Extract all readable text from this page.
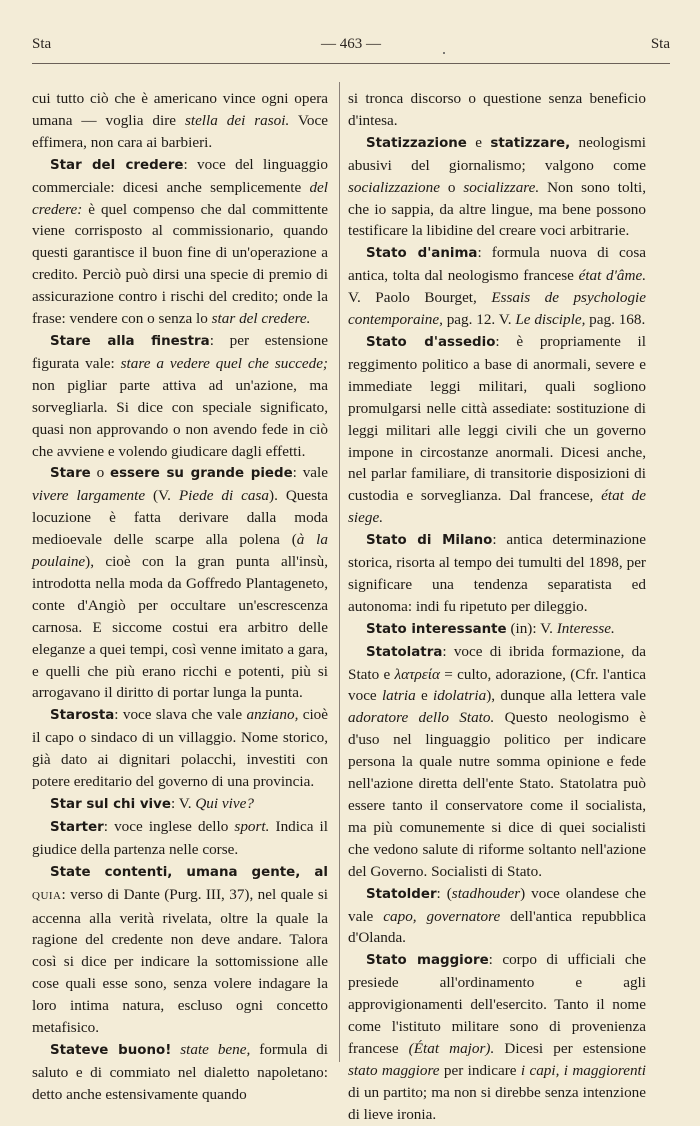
Sta	— 463 —	Sta

cui tutto ciò che è americano vince ogni opera umana — voglia dire stella dei rasoi. Voce effimera, non cara ai barbieri.

Star del credere: voce del linguaggio commerciale: dicesi anche semplicemente del credere: è quel compenso che dal committente viene corrisposto al commissionario, quando questi garantisce il buon fine di un'operazione a credito. Perciò può dirsi una specie di premio di assicurazione contro i rischi del credito; onde la frase: vendere con o senza lo star del credere.

Stare alla finestra: per estensione figurata vale: stare a vedere quel che succede; non pigliar parte attiva ad un'azione, ma sorvegliarla. Si dice con speciale significato, quasi non approvando o non avendo fede in ciò che avviene e volendo giudicare dagli effetti.

Stare o essere su grande piede: vale vivere largamente (V. Piede di casa). Questa locuzione è fatta derivare dalla moda medioevale delle scarpe alla polena (à la poulaine), cioè con la gran punta all'insù, introdotta nella moda da Goffredo Plantageneto, conte d'Angiò per occultare un'escrescenza carnosa. E siccome costui era arbitro delle eleganze a quei tempi, così venne imitato a gara, e quelli che più erano ricchi e potenti, più si arrogavano il diritto di portar lunga la punta.

Starosta: voce slava che vale anziano, cioè il capo o sindaco di un villaggio. Nome storico, già dato ai dignitari polacchi, investiti con potere ereditario del governo di una provincia.

Star sul chi vive: V. Qui vive?

Starter: voce inglese dello sport. Indica il giudice della partenza nelle corse.

State contenti, umana gente, al QUIA: verso di Dante (Purg. III, 37), nel quale si accenna alla verità rivelata, oltre la quale la ragione del credente non deve andare. Talora così si dice per indicare la sottomissione alle cose quali esse sono, senza volere indagare la loro intima natura, escluso ogni concetto metafisico.

Stateve buono! state bene, formula di saluto e di commiato nel dialetto napoletano: detto anche estensivamente quando

si tronca discorso o questione senza beneficio d'intesa.

Statizzazione e statizzare, neologismi abusivi del giornalismo; valgono come socializzazione o socializzare. Non sono tolti, che io sappia, da altre lingue, ma bene possono testificare la libidine del creare voci arbitrarie.

Stato d'anima: formula nuova di cosa antica, tolta dal neologismo francese état d'âme. V. Paolo Bourget, Essais de psychologie contemporaine, pag. 12. V. Le disciple, pag. 168.

Stato d'assedio: è propriamente il reggimento politico a base di anormali, severe e immediate leggi militari, quali sogliono promulgarsi nelle città assediate: sostituzione di leggi militari alle leggi civili che un governo impone in circostanze anormali. Dicesi anche, nel parlar familiare, di transitorie disposizioni di custodia e sorveglianza. Dal francese, état de siege.

Stato di Milano: antica determinazione storica, risorta al tempo dei tumulti del 1898, per significare una tendenza separatista ed autonoma: indi fu ripetuto per dileggio.

Stato interessante (in): V. Interesse.

Statolatra: voce di ibrida formazione, da Stato e λατρεία = culto, adorazione, (Cfr. l'antica voce latria e idolatria), dunque alla lettera vale adoratore dello Stato. Questo neologismo è d'uso nel linguaggio politico per indicare persona la quale nutre somma opinione e fede nell'azione diretta dell'ente Stato. Statolatra può essere tanto il conservatore come il socialista, ma più comunemente si dice di quei socialisti che vedono salute di riforme soltanto nell'azione del Governo. Socialisti di Stato.

Statolder: (stadhouder) voce olandese che vale capo, governatore dell'antica repubblica d'Olanda.

Stato maggiore: corpo di ufficiali che presiede all'ordinamento e agli approvigionamenti dell'esercito. Tanto il nome come l'istituto militare sono di provenienza francese (État major). Dicesi per estensione stato maggiore per indicare i capi, i maggiorenti di un partito; ma non si direbbe senza intenzione di lieve ironia.
